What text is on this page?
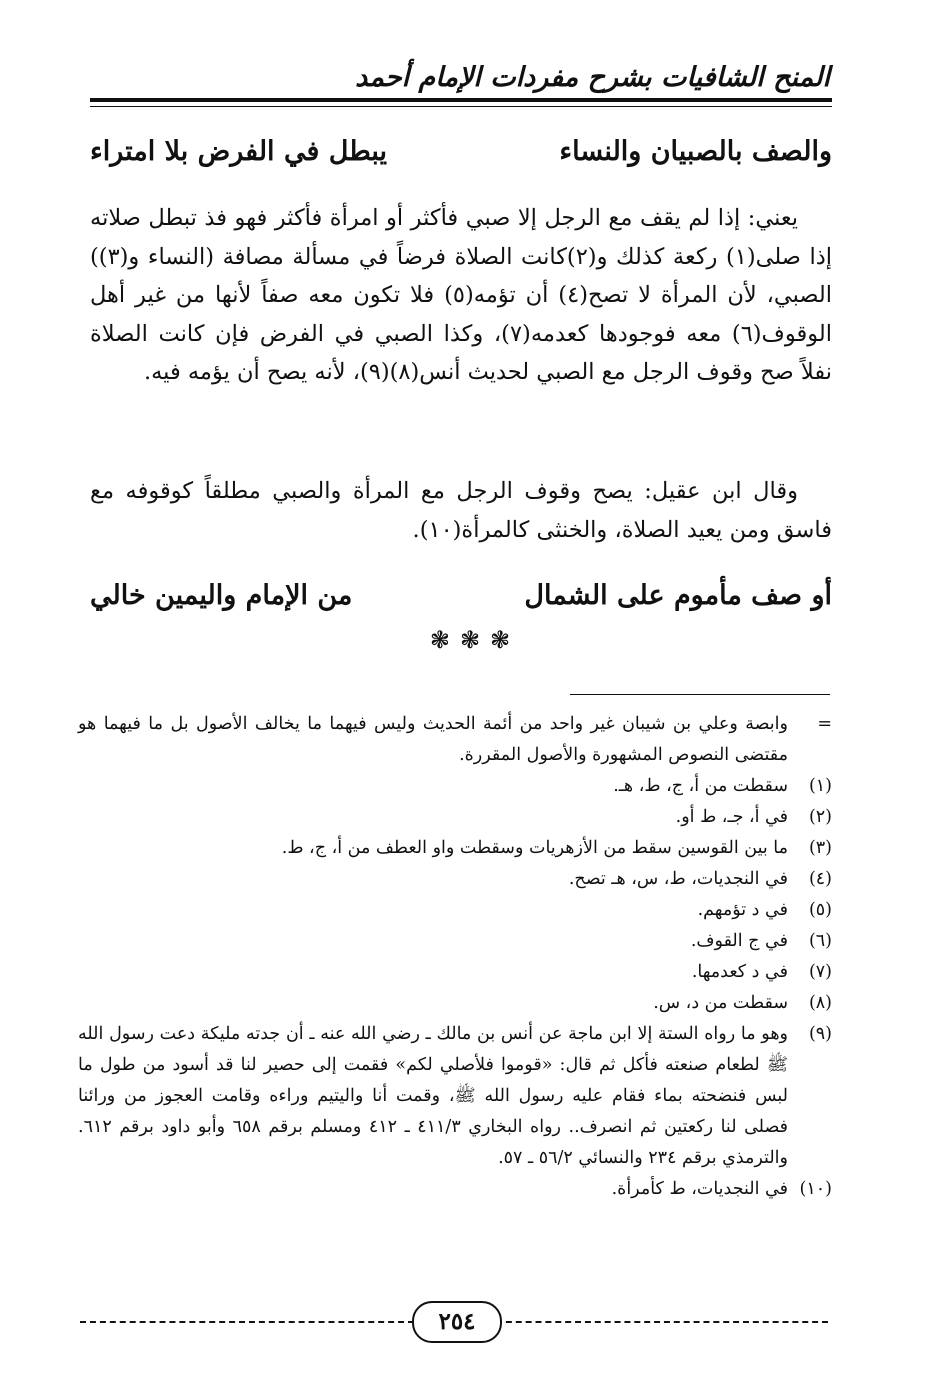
المنح الشافيات بشرح مفردات الإمام أحمد
والصف بالصبيان والنساء
يبطل في الفرض بلا امتراء
يعني: إذا لم يقف مع الرجل إلا صبي فأكثر أو امرأة فأكثر فهو فذ تبطل صلاته إذا صلى(١) ركعة كذلك و(٢)كانت الصلاة فرضاً في مسألة مصافة (النساء و(٣)) الصبي، لأن المرأة لا تصح(٤) أن تؤمه(٥) فلا تكون معه صفاً لأنها من غير أهل الوقوف(٦) معه فوجودها كعدمه(٧)، وكذا الصبي في الفرض فإن كانت الصلاة نفلاً صح وقوف الرجل مع الصبي لحديث أنس(٨)(٩)، لأنه يصح أن يؤمه فيه.
وقال ابن عقيل: يصح وقوف الرجل مع المرأة والصبي مطلقاً كوقوفه مع فاسق ومن يعيد الصلاة، والخنثى كالمرأة(١٠).
أو صف مأموم على الشمال
من الإمام واليمين خالي
❃❃❃
=
وابصة وعلي بن شيبان غير واحد من أئمة الحديث وليس فيهما ما يخالف الأصول بل ما فيهما هو مقتضى النصوص المشهورة والأصول المقررة.
(١)
سقطت من أ، ج، ط، هـ.
(٢)
في أ، جـ، ط أو.
(٣)
ما بين القوسين سقط من الأزهريات وسقطت واو العطف من أ، ج، ط.
(٤)
في النجديات، ط، س، هـ تصح.
(٥)
في د تؤمهم.
(٦)
في ج القوف.
(٧)
في د كعدمها.
(٨)
سقطت من د، س.
(٩)
وهو ما رواه الستة إلا ابن ماجة عن أنس بن مالك ـ رضي الله عنه ـ أن جدته مليكة دعت رسول الله ﷺ لطعام صنعته فأكل ثم قال: «قوموا فلأصلي لكم» فقمت إلى حصير لنا قد أسود من طول ما لبس فنضحته بماء فقام عليه رسول الله ﷺ، وقمت أنا واليتيم وراءه وقامت العجوز من ورائنا فصلى لنا ركعتين ثم انصرف.. رواه البخاري ٤١١/٣ ـ ٤١٢ ومسلم برقم ٦٥٨ وأبو داود برقم ٦١٢. والترمذي برقم ٢٣٤ والنسائي ٥٦/٢ ـ ٥٧.
(١٠)
في النجديات، ط كأمرأة.
٢٥٤
